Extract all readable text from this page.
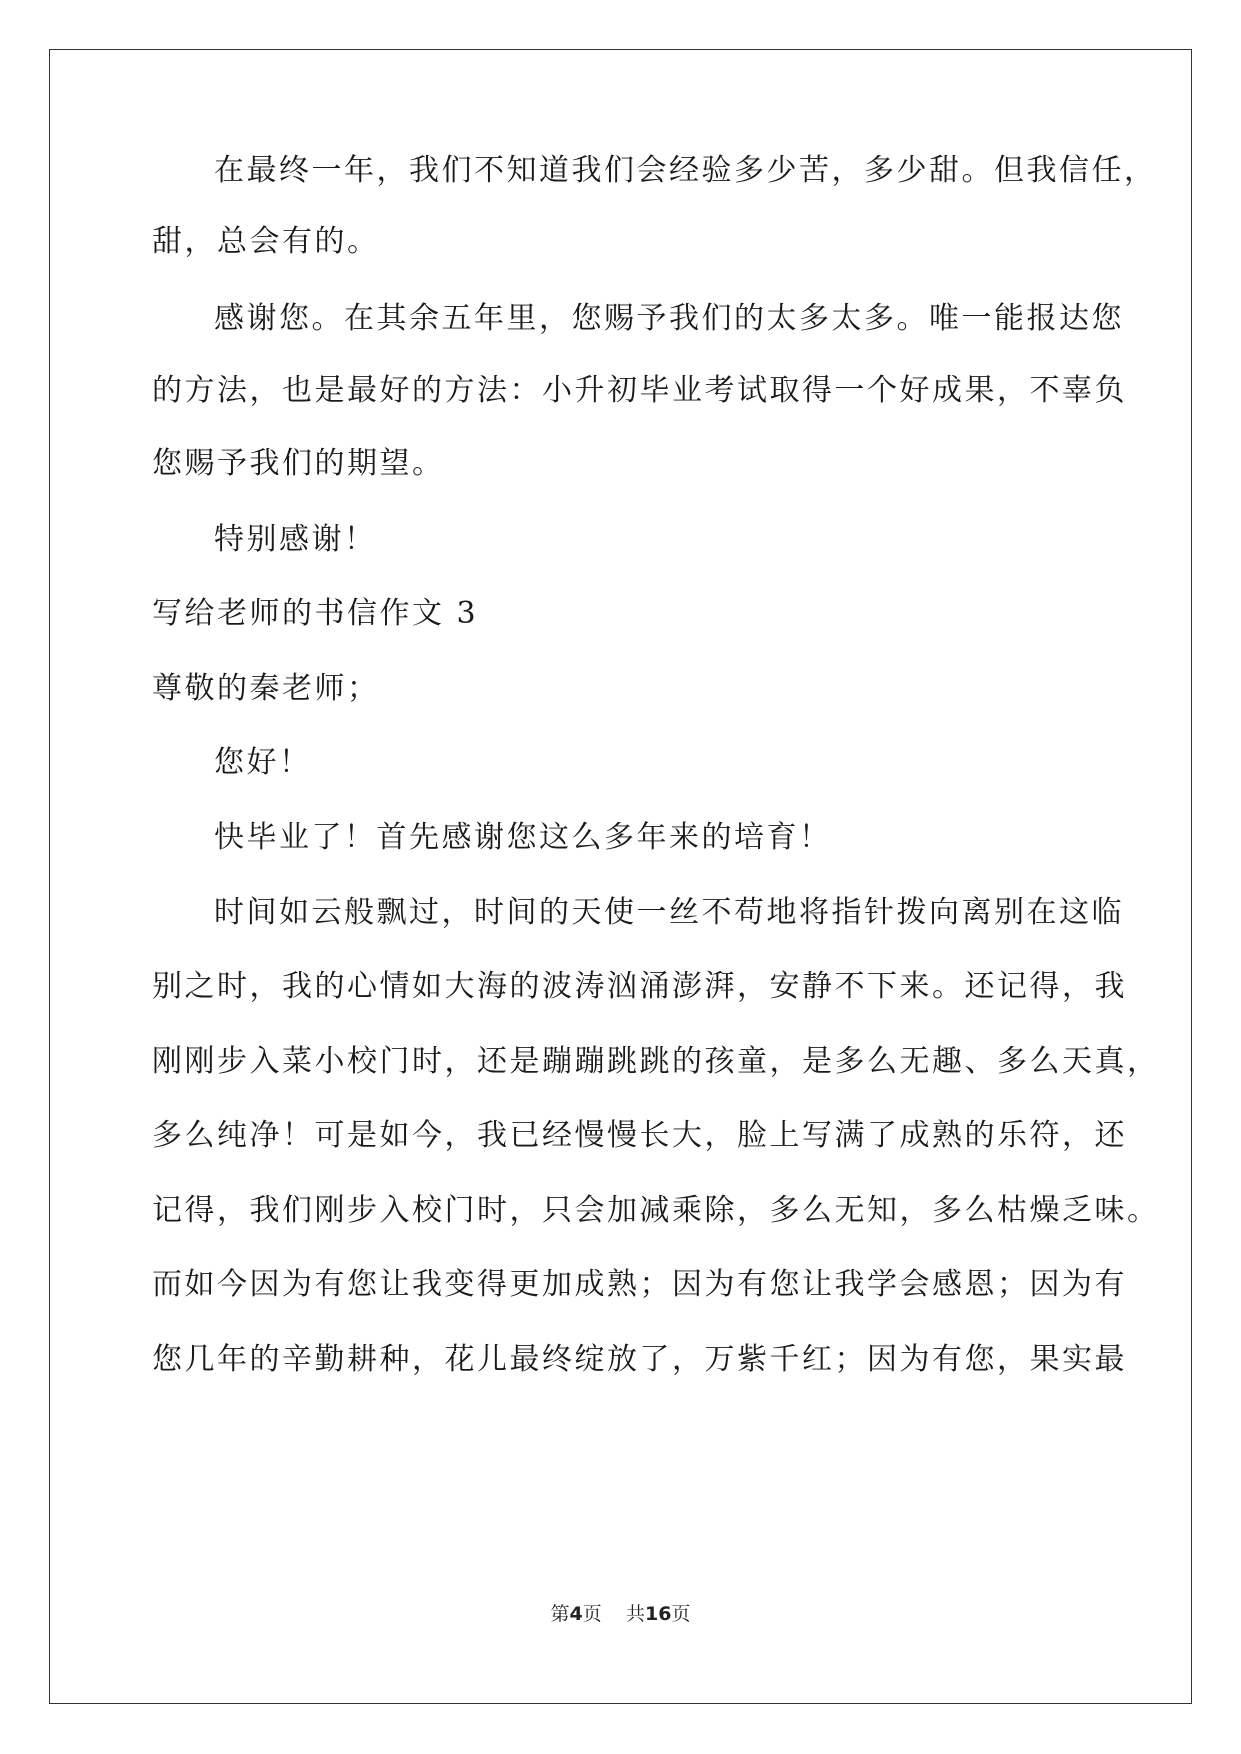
在最终一年，我们不知道我们会经验多少苦，多少甜。但我信任，
甜，总会有的。
感谢您。在其余五年里，您赐予我们的太多太多。唯一能报达您
的方法，也是最好的方法：小升初毕业考试取得一个好成果，不辜负
您赐予我们的期望。
特别感谢！
写给老师的书信作文 3
尊敬的秦老师；
您好！
快毕业了！首先感谢您这么多年来的培育！
时间如云般飘过，时间的天使一丝不苟地将指针拨向离别在这临
别之时，我的心情如大海的波涛汹涌澎湃，安静不下来。还记得，我
刚刚步入菜小校门时，还是蹦蹦跳跳的孩童，是多么无趣、多么天真，
多么纯净！可是如今，我已经慢慢长大，脸上写满了成熟的乐符，还
记得，我们刚步入校门时，只会加减乘除，多么无知，多么枯燥乏味。
而如今因为有您让我变得更加成熟；因为有您让我学会感恩；因为有
您几年的辛勤耕种，花儿最终绽放了，万紫千红；因为有您，果实最
第4页 共16页
